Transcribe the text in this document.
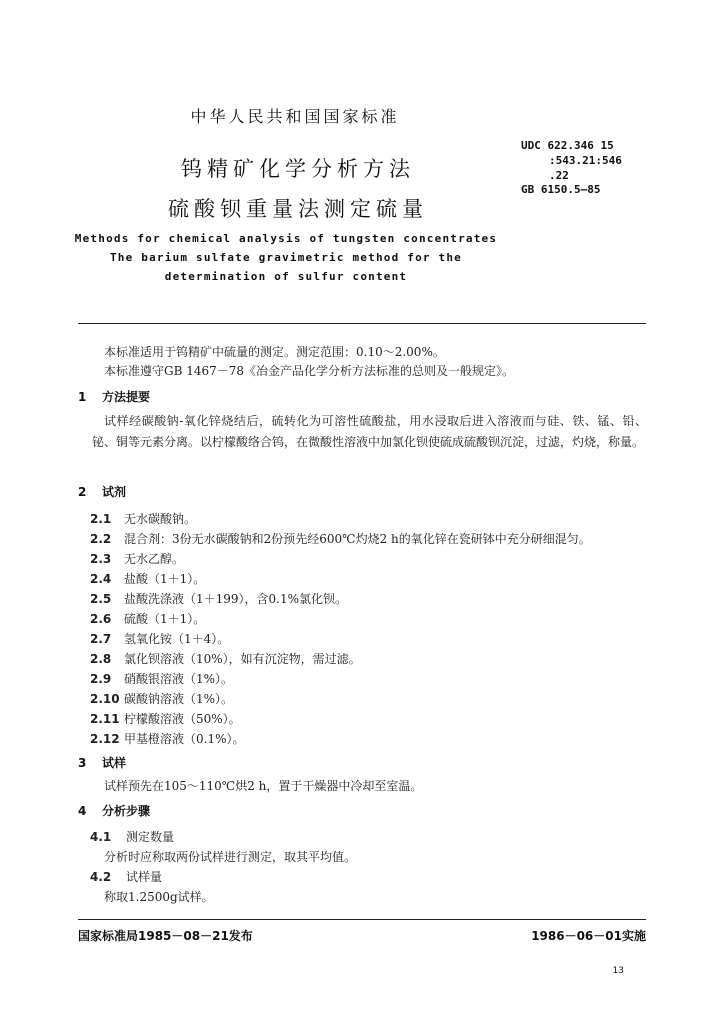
中华人民共和国国家标准
UDC 622.346 15
:543.21:546
.22
GB 6150.5—85
钨精矿化学分析方法
硫酸钡重量法测定硫量
Methods for chemical analysis of tungsten concentrates
The barium sulfate gravimetric method for the
determination of sulfur content
本标准适用于钨精矿中硫量的测定。测定范围：0.10～2.00%。
本标准遵守GB 1467－78《冶金产品化学分析方法标准的总则及一般规定》。
1 方法提要
试样经碳酸钠-氧化锌烧结后，硫转化为可溶性硫酸盐，用水浸取后进入溶液而与硅、铁、锰、铅、铋、铜等元素分离。以柠檬酸络合钨，在微酸性溶液中加氯化钡使硫成硫酸钡沉淀，过滤，灼烧，称量。
2 试剂
2.1 无水碳酸钠。
2.2 混合剂：3份无水碳酸钠和2份预先经600℃灼烧2 h的氧化锌在瓷研钵中充分研细混匀。
2.3 无水乙醇。
2.4 盐酸（1＋1）。
2.5 盐酸洗涤液（1＋199），含0.1%氯化钡。
2.6 硫酸（1＋1）。
2.7 氢氧化铵（1＋4）。
2.8 氯化钡溶液（10%），如有沉淀物，需过滤。
2.9 硝酸银溶液（1%）。
2.10 碳酸钠溶液（1%）。
2.11 柠檬酸溶液（50%）。
2.12 甲基橙溶液（0.1%）。
3 试样
试样预先在105～110℃烘2 h，置于干燥器中冷却至室温。
4 分析步骤
4.1 测定数量
分析时应称取两份试样进行测定，取其平均值。
4.2 试样量
称取1.2500g试样。
国家标准局1985－08－21发布	1986－06－01实施
13
